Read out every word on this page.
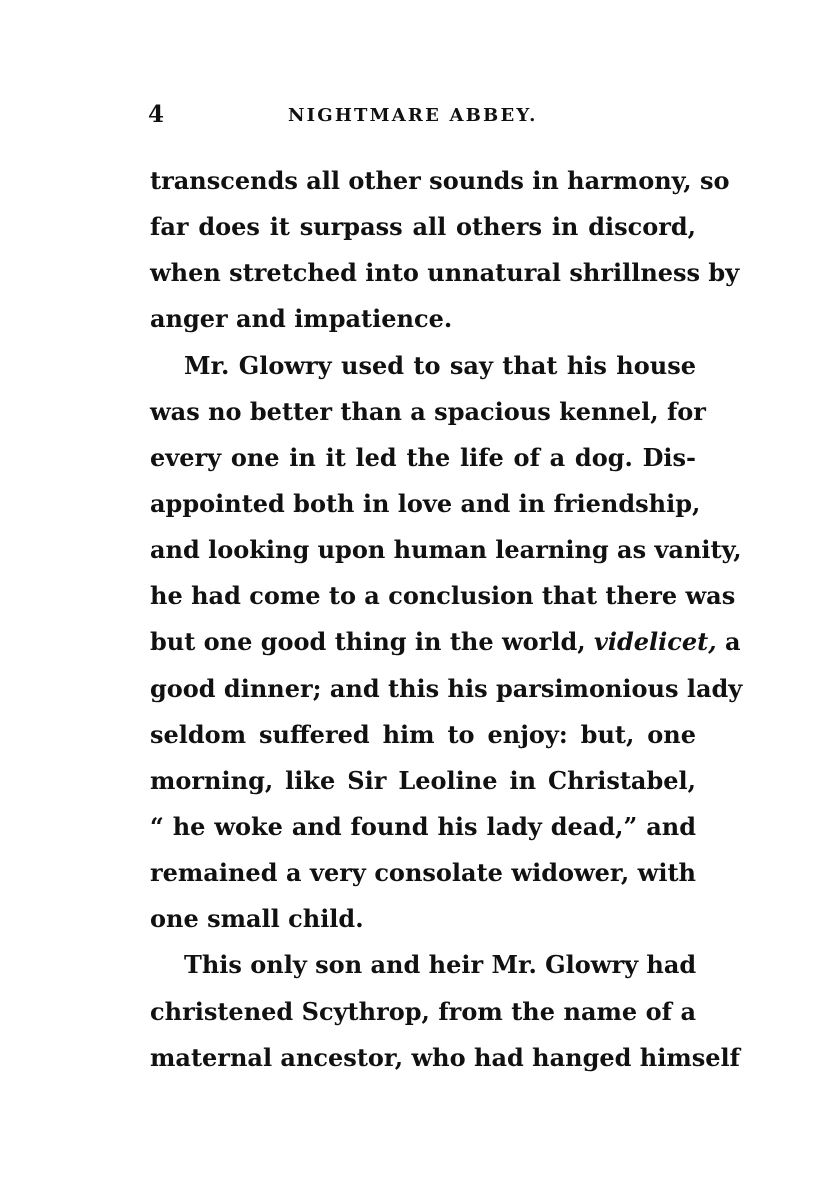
4	NIGHTMARE ABBEY.
transcends all other sounds in harmony, so
far does it surpass all others in discord,
when stretched into unnatural shrillness by
anger and impatience.
Mr. Glowry used to say that his house
was no better than a spacious kennel, for
every one in it led the life of a dog. Dis-
appointed both in love and in friendship,
and looking upon human learning as vanity,
he had come to a conclusion that there was
but one good thing in the world, videlicet, a
good dinner; and this his parsimonious lady
seldom suffered him to enjoy: but, one
morning, like Sir Leoline in Christabel,
“ he woke and found his lady dead,” and
remained a very consolate widower, with
one small child.
This only son and heir Mr. Glowry had
christened Scythrop, from the name of a
maternal ancestor, who had hanged himself
